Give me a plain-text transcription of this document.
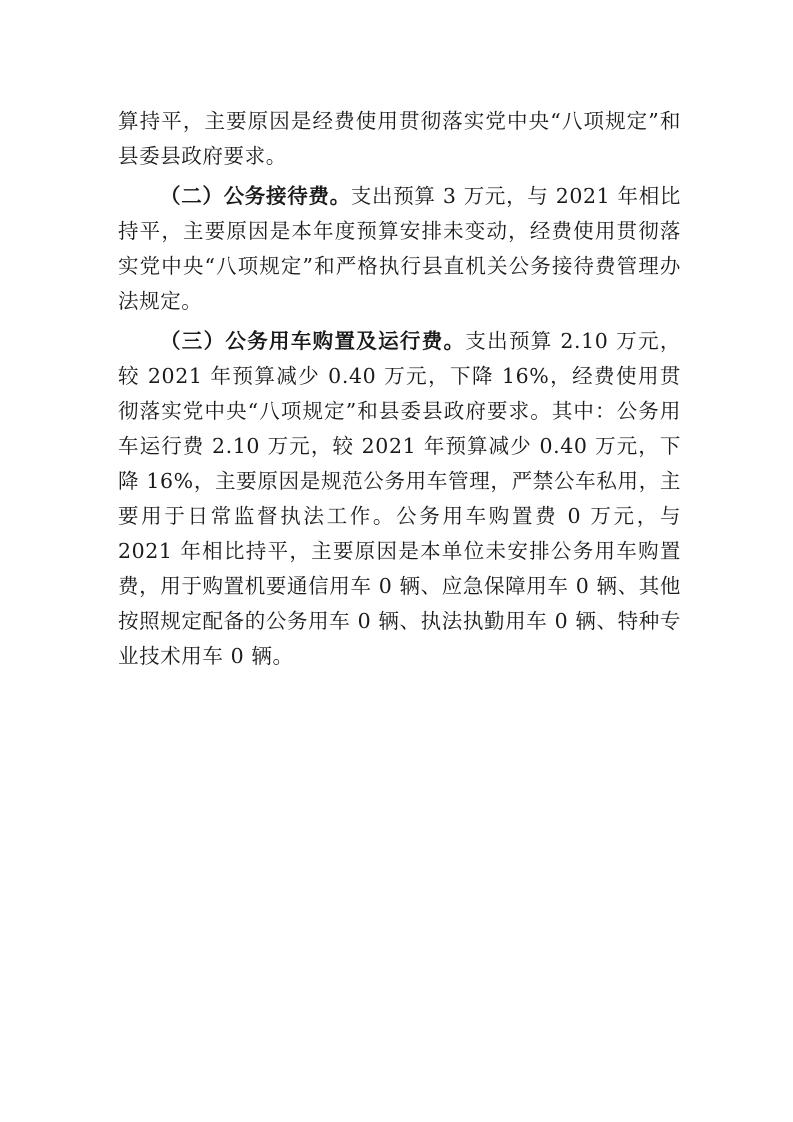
算持平，主要原因是经费使用贯彻落实党中央“八项规定”和县委县政府要求。

（二）公务接待费。支出预算 3 万元，与 2021 年相比持平，主要原因是本年度预算安排未变动，经费使用贯彻落实党中央“八项规定”和严格执行县直机关公务接待费管理办法规定。

（三）公务用车购置及运行费。支出预算 2.10 万元，较 2021 年预算减少 0.40 万元，下降 16%，经费使用贯彻落实党中央“八项规定”和县委县政府要求。其中：公务用车运行费 2.10 万元，较 2021 年预算减少 0.40 万元，下降 16%，主要原因是规范公务用车管理，严禁公车私用，主要用于日常监督执法工作。公务用车购置费 0 万元，与 2021 年相比持平，主要原因是本单位未安排公务用车购置费，用于购置机要通信用车 0 辆、应急保障用车 0 辆、其他按照规定配备的公务用车 0 辆、执法执勤用车 0 辆、特种专业技术用车 0 辆。
